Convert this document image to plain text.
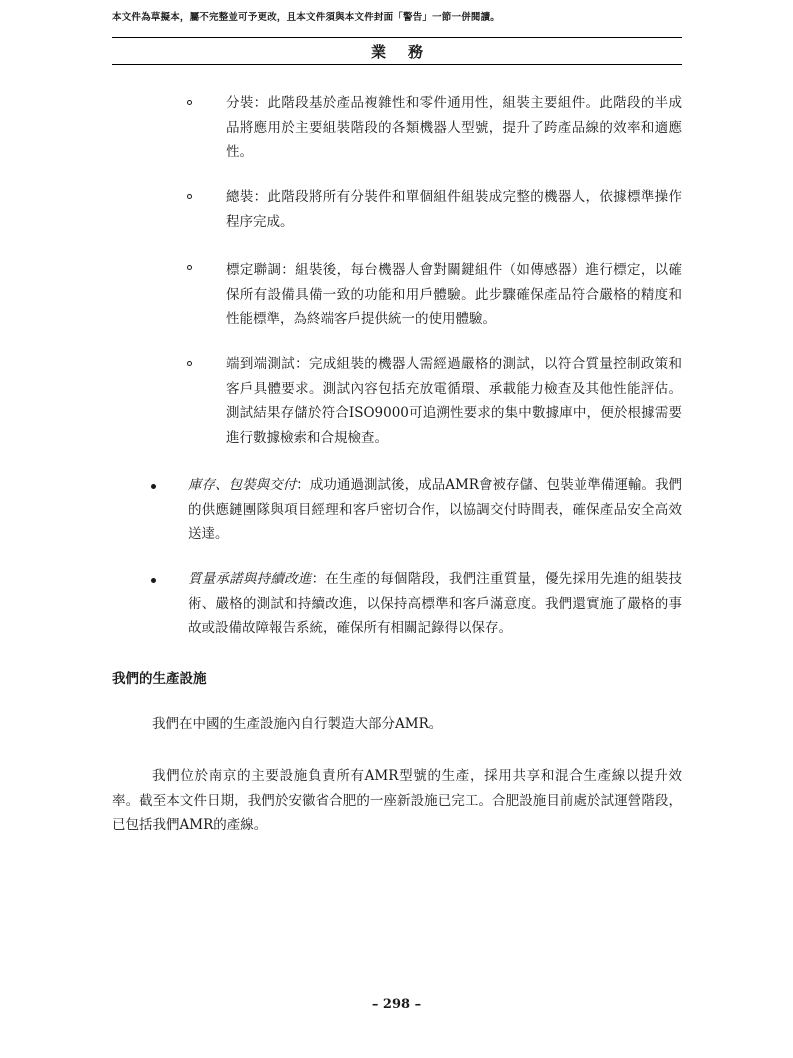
本文件為草擬本，屬不完整並可予更改，且本文件須與本文件封面「警告」一節一併閱讀。
業務
分裝：此階段基於產品複雜性和零件通用性，組裝主要組件。此階段的半成品將應用於主要組裝階段的各類機器人型號，提升了跨產品線的效率和適應性。
總裝：此階段將所有分裝件和單個組件組裝成完整的機器人，依據標準操作程序完成。
標定聯調：組裝後，每台機器人會對關鍵組件（如傳感器）進行標定，以確保所有設備具備一致的功能和用戶體驗。此步驟確保產品符合嚴格的精度和性能標準，為終端客戶提供統一的使用體驗。
端到端測試：完成組裝的機器人需經過嚴格的測試，以符合質量控制政策和客戶具體要求。測試內容包括充放電循環、承載能力檢查及其他性能評估。測試結果存儲於符合ISO9000可追溯性要求的集中數據庫中，便於根據需要進行數據檢索和合規檢查。
庫存、包裝與交付：成功通過測試後，成品AMR會被存儲、包裝並準備運輸。我們的供應鏈團隊與項目經理和客戶密切合作，以協調交付時間表，確保產品安全高效送達。
質量承諾與持續改進：在生產的每個階段，我們注重質量，優先採用先進的組裝技術、嚴格的測試和持續改進，以保持高標準和客戶滿意度。我們還實施了嚴格的事故或設備故障報告系統，確保所有相關記錄得以保存。
我們的生產設施
我們在中國的生產設施內自行製造大部分AMR。
我們位於南京的主要設施負責所有AMR型號的生產，採用共享和混合生產線以提升效率。截至本文件日期，我們於安徽省合肥的一座新設施已完工。合肥設施目前處於試運營階段，已包括我們AMR的產線。
– 298 –
